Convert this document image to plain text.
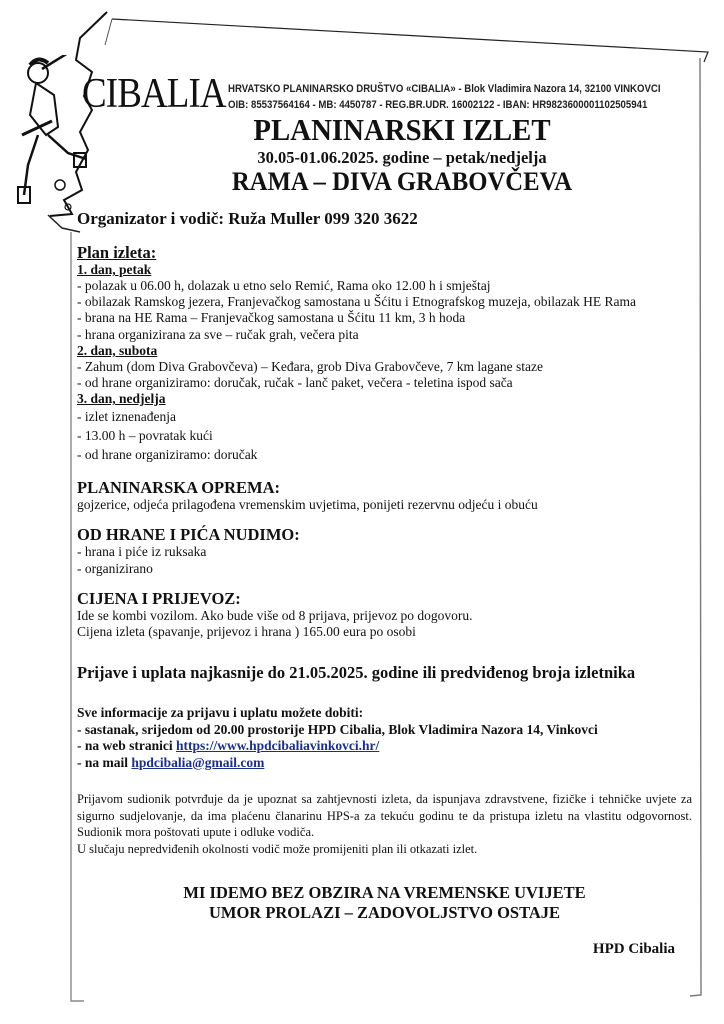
CIBALIA HRVATSKO PLANINARSKO DRUŠTVO «CIBALIA» - Blok Vladimira Nazora 14, 32100 VINKOVCI
OIB: 85537564164 - MB: 4450787 - REG.BR.UDR. 16002122 - IBAN: HR9823600001102505941
PLANINARSKI IZLET
30.05-01.06.2025. godine – petak/nedjelja
RAMA – DIVA GRABOVČEVA
Organizator i vodič: Ruža Muller 099 320 3622
Plan izleta:
1. dan, petak
- polazak u 06.00 h, dolazak u etno selo Remić, Rama oko 12.00 h i smještaj
- obilazak Ramskog jezera, Franjevačkog samostana u Šćitu i Etnografskog muzeja, obilazak HE Rama
- brana na HE Rama – Franjevačkog samostana u Šćitu 11 km, 3 h hoda
- hrana organizirana za sve – ručak grah, večera pita
2. dan, subota
- Zahum (dom Diva Grabovčeva) – Keđara, grob Diva Grabovčeve, 7 km lagane staze
- od hrane organiziramo: doručak, ručak - lanč paket, večera - teletina ispod sača
3. dan, nedjelja
- izlet iznenađenja
- 13.00 h – povratak kući
- od hrane organiziramo: doručak
PLANINARSKA OPREMA:
gojzerice, odjeća prilagođena vremenskim uvjetima, ponijeti rezervnu odjeću i obuću
OD HRANE I PIĆA NUDIMO:
- hrana i piće iz ruksaka
- organizirano
CIJENA I PRIJEVOZ:
Ide se kombi vozilom. Ako bude više od 8 prijava, prijevoz po dogovoru.
Cijena izleta (spavanje, prijevoz i hrana ) 165.00 eura po osobi
Prijave i uplata najkasnije do 21.05.2025. godine ili predviđenog broja izletnika
Sve informacije za prijavu i uplatu možete dobiti:
- sastanak, srijedom od 20.00 prostorije HPD Cibalia, Blok Vladimira Nazora 14, Vinkovci
- na web stranici https://www.hpdcibaliavinkovci.hr/
- na mail hpdcibalia@gmail.com
Prijavom sudionik potvrđuje da je upoznat sa zahtjevnosti izleta, da ispunjava zdravstvene, fizičke i tehničke uvjete za sigurno sudjelovanje, da ima plaćenu članarinu HPS-a za tekuću godinu te da pristupa izletu na vlastitu odgovornost. Sudionik mora poštovati upute i odluke vodiča.
U slučaju nepredviđenih okolnosti vodič može promijeniti plan ili otkazati izlet.
MI IDEMO BEZ OBZIRA NA VREMENSKE UVIJETE
UMOR PROLAZI – ZADOVOLJSTVO OSTAJE
HPD Cibalia
